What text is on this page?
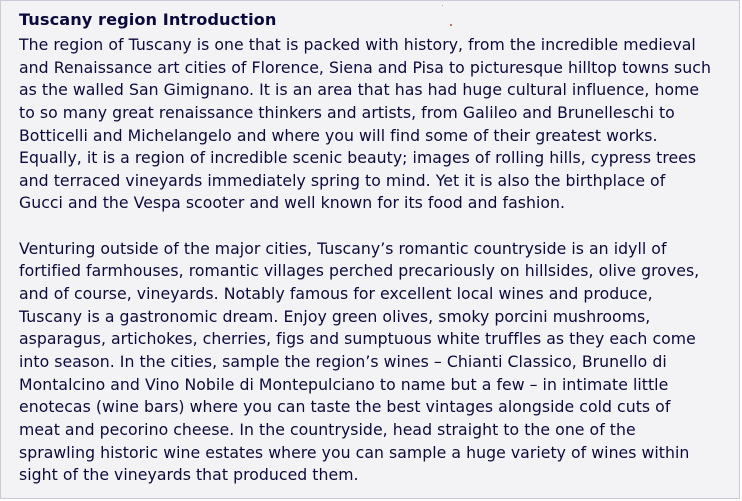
Tuscany region Introduction
The region of Tuscany is one that is packed with history, from the incredible medieval
and Renaissance art cities of Florence, Siena and Pisa to picturesque hilltop towns such
as the walled San Gimignano. It is an area that has had huge cultural influence, home
to so many great renaissance thinkers and artists, from Galileo and Brunelleschi to
Botticelli and Michelangelo and where you will find some of their greatest works.
Equally, it is a region of incredible scenic beauty; images of rolling hills, cypress trees
and terraced vineyards immediately spring to mind. Yet it is also the birthplace of
Gucci and the Vespa scooter and well known for its food and fashion.
Venturing outside of the major cities, Tuscany’s romantic countryside is an idyll of
fortified farmhouses, romantic villages perched precariously on hillsides, olive groves,
and of course, vineyards. Notably famous for excellent local wines and produce,
Tuscany is a gastronomic dream. Enjoy green olives, smoky porcini mushrooms,
asparagus, artichokes, cherries, figs and sumptuous white truffles as they each come
into season. In the cities, sample the region’s wines – Chianti Classico, Brunello di
Montalcino and Vino Nobile di Montepulciano to name but a few – in intimate little
enotecas (wine bars) where you can taste the best vintages alongside cold cuts of
meat and pecorino cheese. In the countryside, head straight to the one of the
sprawling historic wine estates where you can sample a huge variety of wines within
sight of the vineyards that produced them.
